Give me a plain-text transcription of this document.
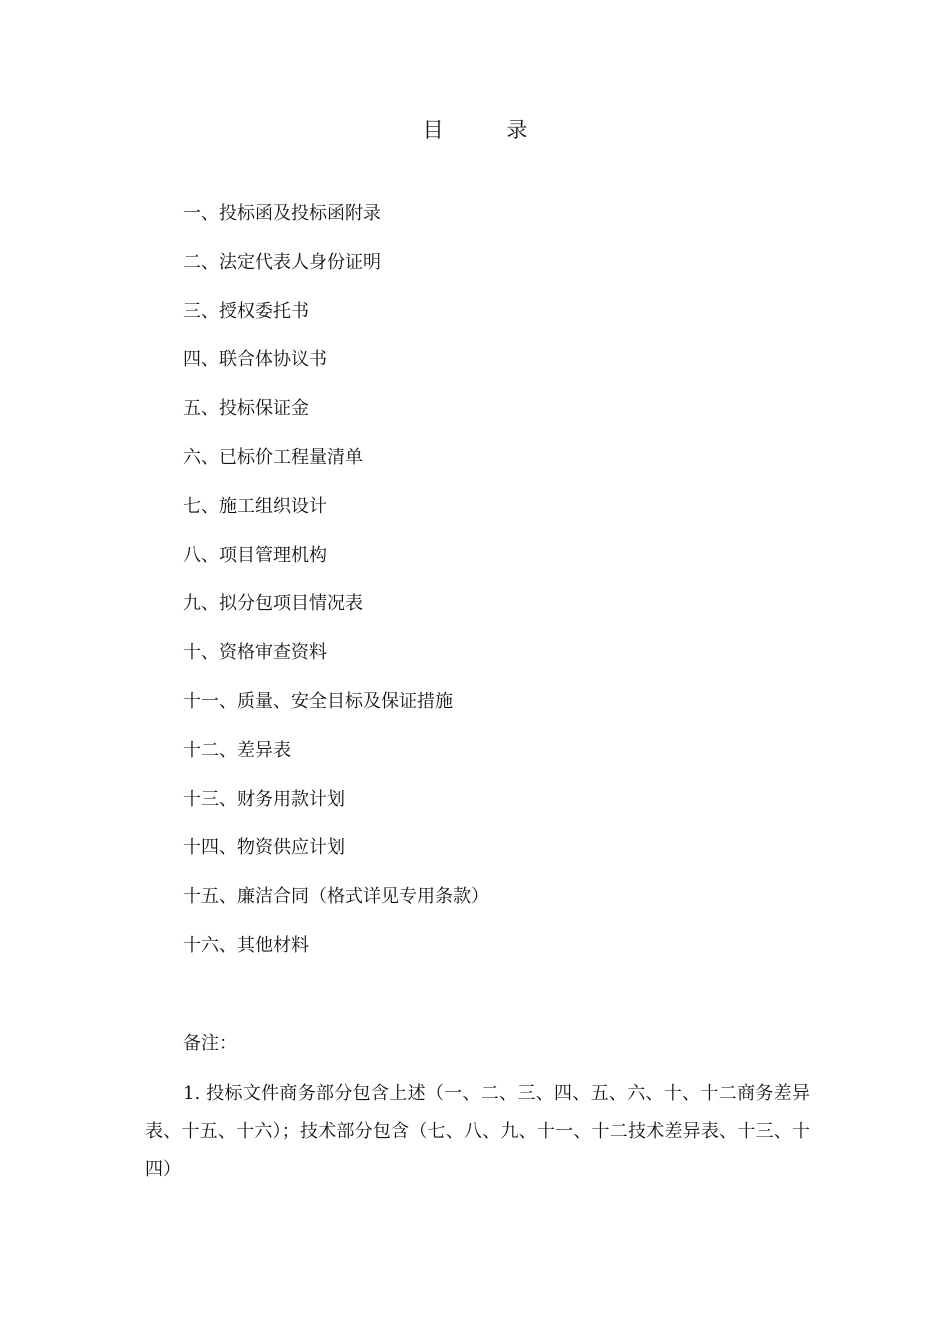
目 录
一、投标函及投标函附录
二、法定代表人身份证明
三、授权委托书
四、联合体协议书
五、投标保证金
六、已标价工程量清单
七、施工组织设计
八、项目管理机构
九、拟分包项目情况表
十、资格审查资料
十一、质量、安全目标及保证措施
十二、差异表
十三、财务用款计划
十四、物资供应计划
十五、廉洁合同（格式详见专用条款）
十六、其他材料
备注：
1. 投标文件商务部分包含上述（一、二、三、四、五、六、十、十二商务差异表、十五、十六）；技术部分包含（七、八、九、十一、十二技术差异表、十三、十四）
